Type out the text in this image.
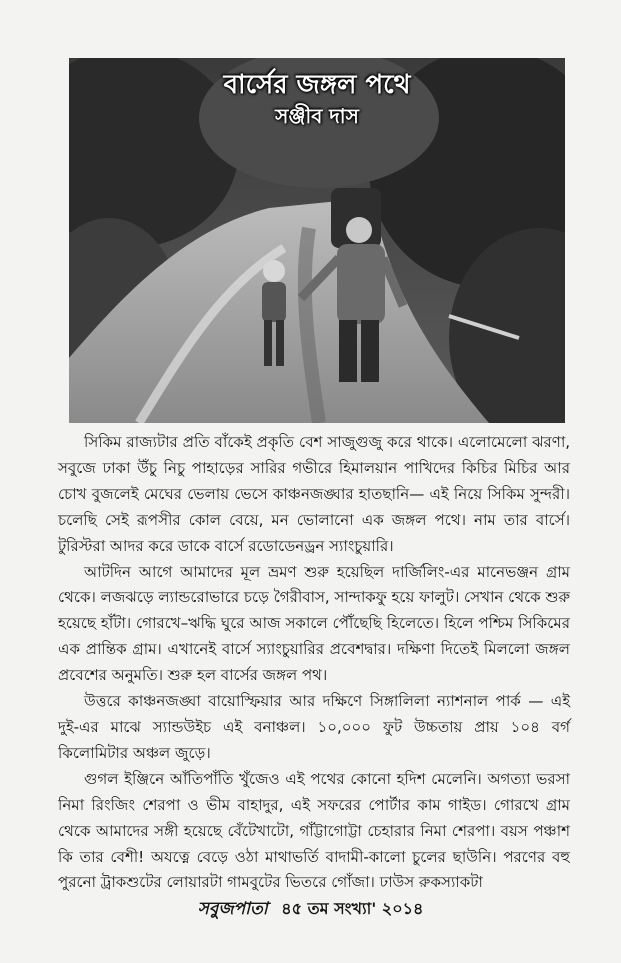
বার্সের জঙ্গল পথে
সঞ্জীব দাস

সিকিম রাজ্যটার প্রতি বাঁকেই প্রকৃতি বেশ সাজুগুজু করে থাকে। এলোমেলো ঝরণা, সবুজে ঢাকা উঁচু নিচু পাহাড়ের সারির গভীরে হিমালয়ান পাখিদের কিচির মিচির আর চোখ বুজলেই মেঘের ভেলায় ভেসে কাঞ্চনজঙ্ঘার হাতছানি— এই নিয়ে সিকিম সুন্দরী। চলেছি সেই রূপসীর কোল বেয়ে, মন ভোলানো এক জঙ্গল পথে। নাম তার বার্সে। টুরিস্টরা আদর করে ডাকে বার্সে রডোডেনড্রন স্যাংচুয়ারি।

আটদিন আগে আমাদের মূল ভ্রমণ শুরু হয়েছিল দার্জিলিং-এর মানেভঞ্জন গ্রাম থেকে। লজঝড়ে ল্যান্ডরোভারে চড়ে গৈরীবাস, সান্দাকফু হয়ে ফালুট। সেখান থেকে শুরু হয়েছে হাঁটা। গোরখে–ঋদ্ধি ঘুরে আজ সকালে পৌঁছেছি হিলেতে। হিলে পশ্চিম সিকিমের এক প্রান্তিক গ্রাম। এখানেই বার্সে স্যাংচুয়ারির প্রবেশদ্বার। দক্ষিণা দিতেই মিললো জঙ্গল প্রবেশের অনুমতি। শুরু হল বার্সের জঙ্গল পথ।

উত্তরে কাঞ্চনজঙ্ঘা বায়োস্ফিয়ার আর দক্ষিণে সিঙ্গালিলা ন্যাশনাল পার্ক — এই দুই-এর মাঝে স্যান্ডউইচ এই বনাঞ্চল। ১০,০০০ ফুট উচ্চতায় প্রায় ১০৪ বর্গ কিলোমিটার অঞ্চল জুড়ে।

গুগল ইঞ্জিনে আঁতিপাঁতি খুঁজেও এই পথের কোনো হদিশ মেলেনি। অগত্যা ভরসা নিমা রিংজিং শেরপা ও ভীম বাহাদুর, এই সফরের পোর্টার কাম গাইড। গোরখে গ্রাম থেকে আমাদের সঙ্গী হয়েছে বেঁটেখাটো, গাঁট্টাগোট্টা চেহারার নিমা শেরপা। বয়স পঞ্চাশ কি তার বেশী! অযত্নে বেড়ে ওঠা মাথাভর্তি বাদামী-কালো চুলের ছাউনি। পরণের বহু পুরনো ট্রাকশুটের লোয়ারটা গামবুটের ভিতরে গোঁজা। ঢাউস রুকস্যাকটা

সবুজপাতা ৪৫ তম সংখ্যা' ২০১৪
